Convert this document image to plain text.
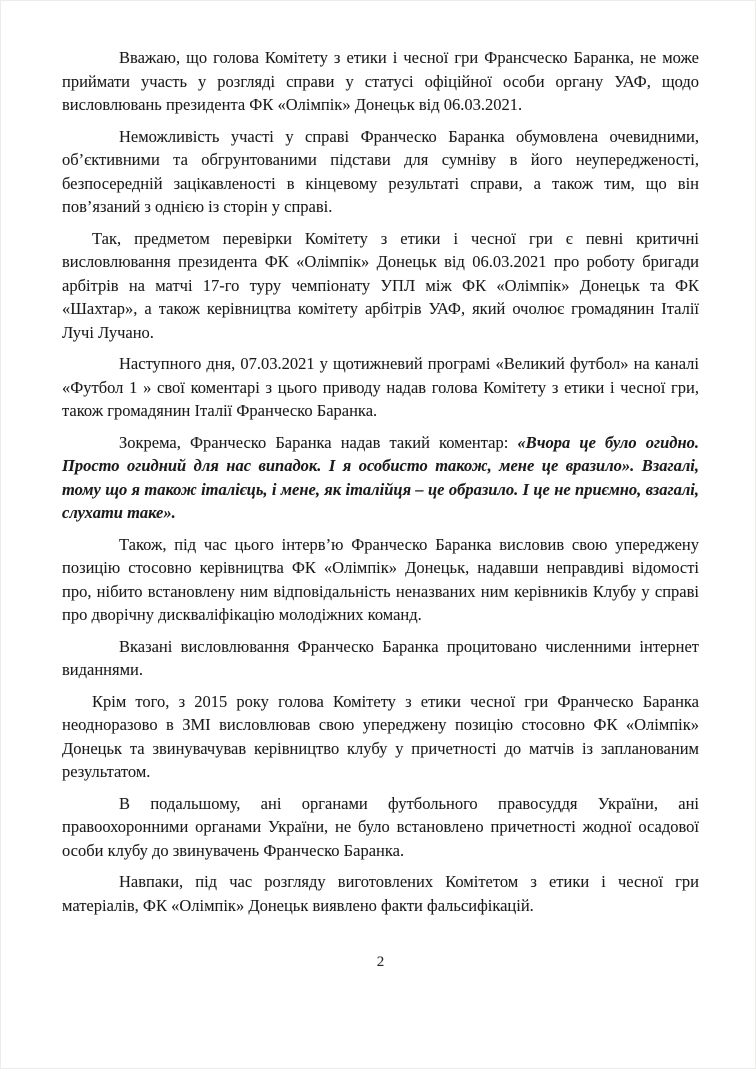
Вважаю, що голова Комітету з етики і чесної гри Франсческо Баранка, не може приймати участь у розгляді справи у статусі офіційної особи органу УАФ, щодо висловлювань президента ФК «Олімпік» Донецьк від 06.03.2021.

Неможливість участі у справі Франческо Баранка обумовлена очевидними, об’єктивними та обгрунтованими підстави для сумніву в його неупередженості, безпосередній зацікавленості в кінцевому результаті справи, а також тим, що він пов’язаний з однією із сторін у справі.

Так, предметом перевірки Комітету з етики і чесної гри є певні критичні висловлювання президента ФК «Олімпік» Донецьк від 06.03.2021 про роботу бригади арбітрів на матчі 17-го туру чемпіонату УПЛ між ФК «Олімпік» Донецьк та ФК «Шахтар», а також керівництва комітету арбітрів УАФ, який очолює громадянин Італії Лучі Лучано.

Наступного дня, 07.03.2021 у щотижневий програмі «Великий футбол» на каналі «Футбол 1 » свої коментарі з цього приводу надав голова Комітету з етики і чесної гри, також громадянин Італії Франческо Баранка.

Зокрема, Франческо Баранка надав такий коментар: «Вчора це було огидно. Просто огидний для нас випадок. І я особисто також, мене це вразило». Взагалі, тому що я також італієць, і мене, як італійця – це образило. І це не приємно, взагалі, слухати таке».

Також, під час цього інтерв’ю Франческо Баранка висловив свою упереджену позицію стосовно керівництва ФК «Олімпік» Донецьк, надавши неправдиві відомості про, нібито встановлену ним відповідальність неназваних ним керівників Клубу у справі про дворічну дискваліфікацію молодіжних команд.

Вказані висловлювання Франческо Баранка процитовано численними інтернет виданнями.

Крім того, з 2015 року голова Комітету з етики чесної гри Франческо Баранка неодноразово в ЗМІ висловлював свою упереджену позицію стосовно ФК «Олімпік» Донецьк та звинувачував керівництво клубу у причетності до матчів із запланованим результатом.

В подальшому, ані органами футбольного правосуддя України, ані правоохоронними органами України, не було встановлено причетності жодної осадової особи клубу до звинувачень Франческо Баранка.

Навпаки, під час розгляду виготовлених Комітетом з етики і чесної гри матеріалів, ФК «Олімпік» Донецьк виявлено факти фальсифікацій.

2
